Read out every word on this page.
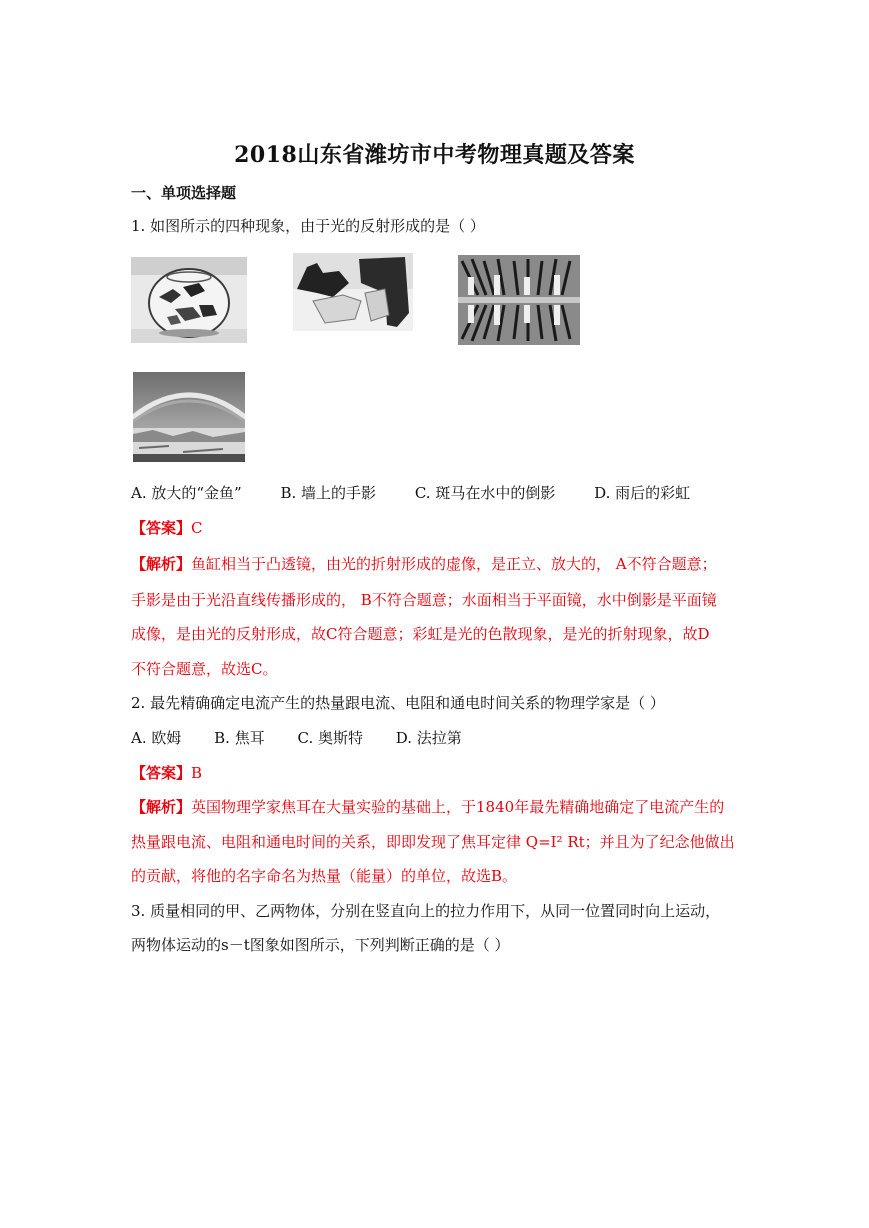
2018山东省潍坊市中考物理真题及答案
一、单项选择题
1. 如图所示的四种现象，由于光的反射形成的是（ ）
A. 放大的“金鱼”	B. 墙上的手影	C. 斑马在水中的倒影	D. 雨后的彩虹
【答案】C
【解析】鱼缸相当于凸透镜，由光的折射形成的虚像，是正立、放大的， A不符合题意；
手影是由于光沿直线传播形成的， B不符合题意；水面相当于平面镜，水中倒影是平面镜
成像，是由光的反射形成，故C符合题意；彩虹是光的色散现象，是光的折射现象，故D
不符合题意，故选C。
2. 最先精确确定电流产生的热量跟电流、电阻和通电时间关系的物理学家是（ ）
A. 欧姆 B. 焦耳 C. 奥斯特 D. 法拉第
【答案】B
【解析】英国物理学家焦耳在大量实验的基础上，于1840年最先精确地确定了电流产生的
热量跟电流、电阻和通电时间的关系，即即发现了焦耳定律 Q=I² Rt；并且为了纪念他做出
的贡献，将他的名字命名为热量（能量）的单位，故选B。
3. 质量相同的甲、乙两物体，分别在竖直向上的拉力作用下，从同一位置同时向上运动，
两物体运动的s－t图象如图所示，下列判断正确的是（ ）
